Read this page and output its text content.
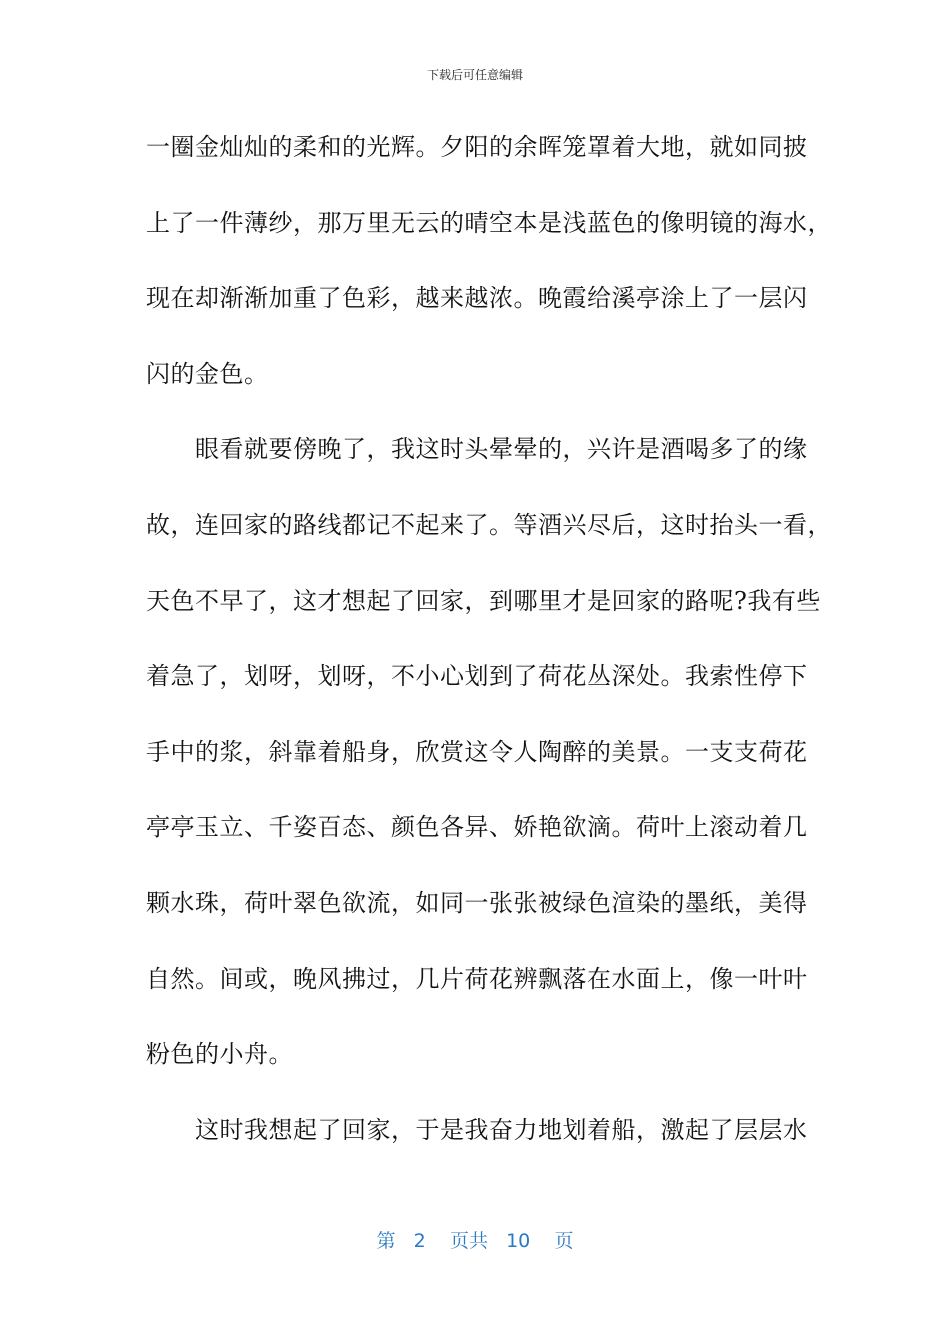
下载后可任意编辑
一圈金灿灿的柔和的光辉。夕阳的余晖笼罩着大地，就如同披
上了一件薄纱，那万里无云的晴空本是浅蓝色的像明镜的海水，
现在却渐渐加重了色彩，越来越浓。晚霞给溪亭涂上了一层闪
闪的金色。
　　眼看就要傍晚了，我这时头晕晕的，兴许是酒喝多了的缘
故，连回家的路线都记不起来了。等酒兴尽后，这时抬头一看，
天色不早了，这才想起了回家，到哪里才是回家的路呢?我有些
着急了，划呀，划呀，不小心划到了荷花丛深处。我索性停下
手中的浆，斜靠着船身，欣赏这令人陶醉的美景。一支支荷花
亭亭玉立、千姿百态、颜色各异、娇艳欲滴。荷叶上滚动着几
颗水珠，荷叶翠色欲流，如同一张张被绿色渲染的墨纸，美得
自然。间或，晚风拂过，几片荷花辨飘落在水面上，像一叶叶
粉色的小舟。
　　这时我想起了回家，于是我奋力地划着船，激起了层层水
第 2 页共 10 页
